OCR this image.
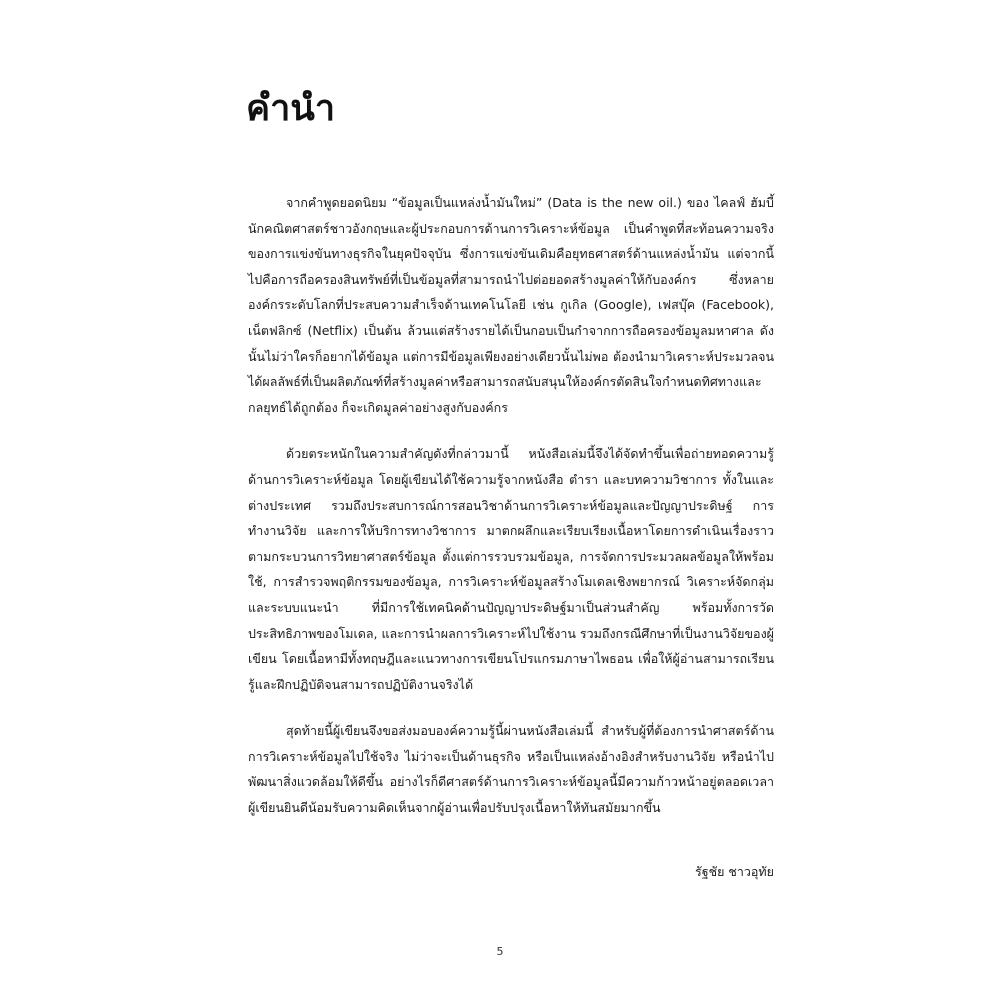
คำนำ

จากคำพูดยอดนิยม “ข้อมูลเป็นแหล่งน้ำมันใหม่” (Data is the new oil.) ของ ไคลฟ์ ฮัมบี้ นักคณิตศาสตร์ชาวอังกฤษและผู้ประกอบการด้านการวิเคราะห์ข้อมูล เป็นคำพูดที่สะท้อนความจริงของการแข่งขันทางธุรกิจในยุคปัจจุบัน ซึ่งการแข่งขันเดิมคือยุทธศาสตร์ด้านแหล่งน้ำมัน แต่จากนี้ไปคือการถือครองสินทรัพย์ที่เป็นข้อมูลที่สามารถนำไปต่อยอดสร้างมูลค่าให้กับองค์กร ซึ่งหลายองค์กรระดับโลกที่ประสบความสำเร็จด้านเทคโนโลยี เช่น กูเกิล (Google), เฟสบุ๊ค (Facebook), เน็ตฟลิกซ์ (Netflix) เป็นต้น ล้วนแต่สร้างรายได้เป็นกอบเป็นกำจากการถือครองข้อมูลมหาศาล ดังนั้นไม่ว่าใครก็อยากได้ข้อมูล แต่การมีข้อมูลเพียงอย่างเดียวนั้นไม่พอ ต้องนำมาวิเคราะห์ประมวลจนได้ผลลัพธ์ที่เป็นผลิตภัณฑ์ที่สร้างมูลค่าหรือสามารถสนับสนุนให้องค์กรตัดสินใจกำหนดทิศทางและกลยุทธ์ได้ถูกต้อง ก็จะเกิดมูลค่าอย่างสูงกับองค์กร

ด้วยตระหนักในความสำคัญดังที่กล่าวมานี้ หนังสือเล่มนี้จึงได้จัดทำขึ้นเพื่อถ่ายทอดความรู้ด้านการวิเคราะห์ข้อมูล โดยผู้เขียนได้ใช้ความรู้จากหนังสือ ตำรา และบทความวิชาการ ทั้งในและต่างประเทศ รวมถึงประสบการณ์การสอนวิชาด้านการวิเคราะห์ข้อมูลและปัญญาประดิษฐ์ การทำงานวิจัย และการให้บริการทางวิชาการ มาตกผลึกและเรียบเรียงเนื้อหาโดยการดำเนินเรื่องราวตามกระบวนการวิทยาศาสตร์ข้อมูล ตั้งแต่การรวบรวมข้อมูล, การจัดการประมวลผลข้อมูลให้พร้อมใช้, การสำรวจพฤติกรรมของข้อมูล, การวิเคราะห์ข้อมูลสร้างโมเดลเชิงพยากรณ์ วิเคราะห์จัดกลุ่ม และระบบแนะนำ ที่มีการใช้เทคนิคด้านปัญญาประดิษฐ์มาเป็นส่วนสำคัญ พร้อมทั้งการวัดประสิทธิภาพของโมเดล, และการนำผลการวิเคราะห์ไปใช้งาน รวมถึงกรณีศึกษาที่เป็นงานวิจัยของผู้เขียน โดยเนื้อหามีทั้งทฤษฎีและแนวทางการเขียนโปรแกรมภาษาไพธอน เพื่อให้ผู้อ่านสามารถเรียนรู้และฝึกปฏิบัติจนสามารถปฏิบัติงานจริงได้

สุดท้ายนี้ผู้เขียนจึงขอส่งมอบองค์ความรู้นี้ผ่านหนังสือเล่มนี้ สำหรับผู้ที่ต้องการนำศาสตร์ด้านการวิเคราะห์ข้อมูลไปใช้จริง ไม่ว่าจะเป็นด้านธุรกิจ หรือเป็นแหล่งอ้างอิงสำหรับงานวิจัย หรือนำไปพัฒนาสิ่งแวดล้อมให้ดีขึ้น อย่างไรก็ดีศาสตร์ด้านการวิเคราะห์ข้อมูลนี้มีความก้าวหน้าอยู่ตลอดเวลา ผู้เขียนยินดีน้อมรับความคิดเห็นจากผู้อ่านเพื่อปรับปรุงเนื้อหาให้ทันสมัยมากขึ้น

รัฐชัย ชาวอุทัย
5
